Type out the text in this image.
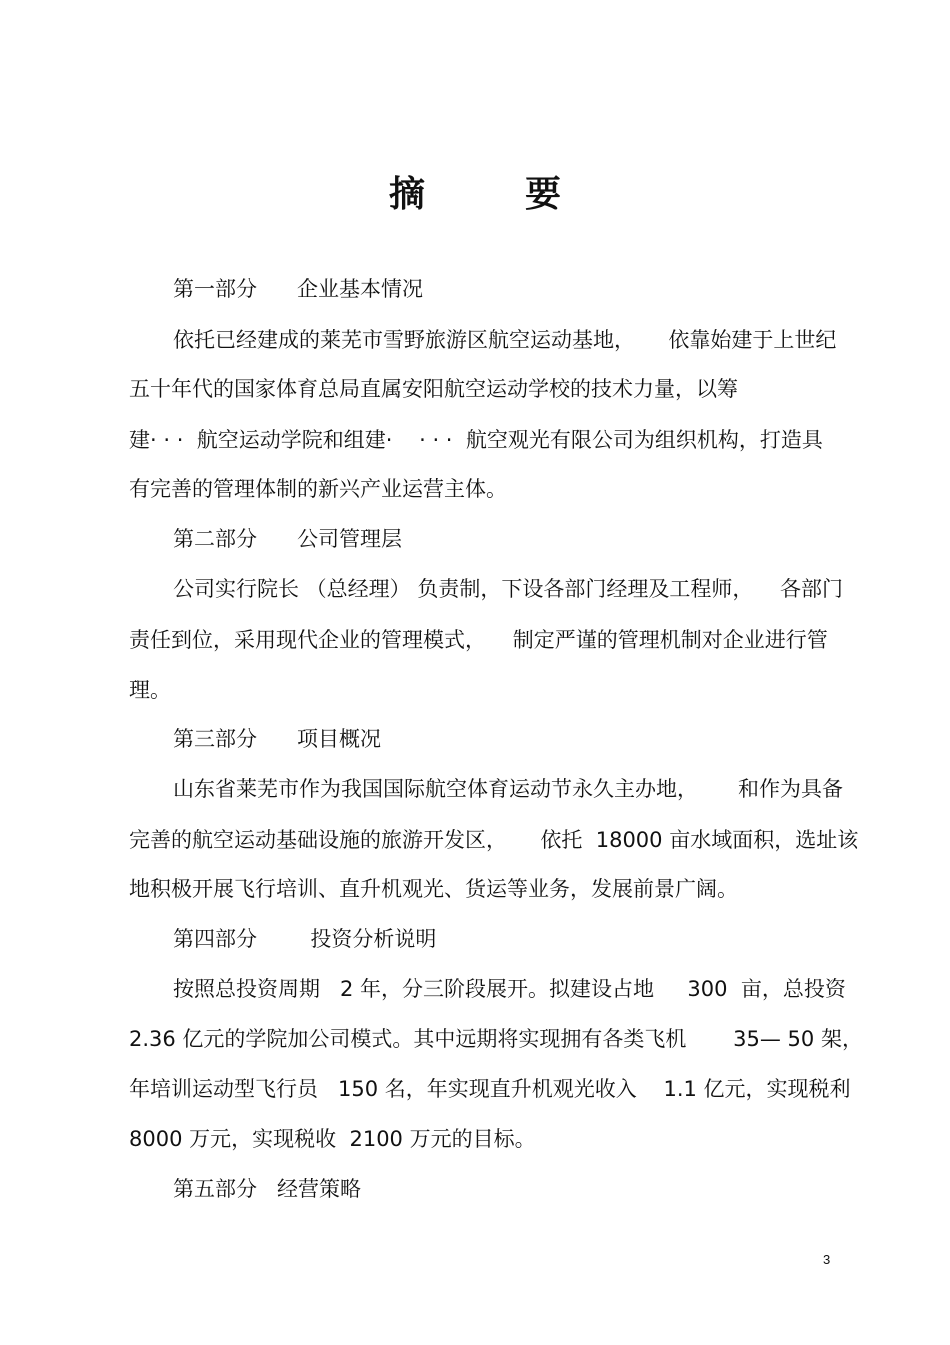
摘	要
第一部分      企业基本情况
依托已经建成的莱芜市雪野旅游区航空运动基地，     依靠始建于上世纪
五十年代的国家体育总局直属安阳航空运动学校的技术力量，以筹
建· · ·  航空运动学院和组建·    · · ·  航空观光有限公司为组织机构，打造具
有完善的管理体制的新兴产业运营主体。
第二部分      公司管理层
公司实行院长 （总经理） 负责制，下设各部门经理及工程师，    各部门
责任到位，采用现代企业的管理模式，    制定严谨的管理机制对企业进行管
理。
第三部分      项目概况
山东省莱芜市作为我国国际航空体育运动节永久主办地，      和作为具备
完善的航空运动基础设施的旅游开发区，     依托  18000 亩水域面积，选址该
地积极开展飞行培训、直升机观光、货运等业务，发展前景广阔。
第四部分        投资分析说明
按照总投资周期   2 年，分三阶段展开。拟建设占地     300  亩，总投资
2.36 亿元的学院加公司模式。其中远期将实现拥有各类飞机       35— 50 架，
年培训运动型飞行员   150 名，年实现直升机观光收入    1.1 亿元，实现税利
8000 万元，实现税收  2100 万元的目标。
第五部分   经营策略
3
